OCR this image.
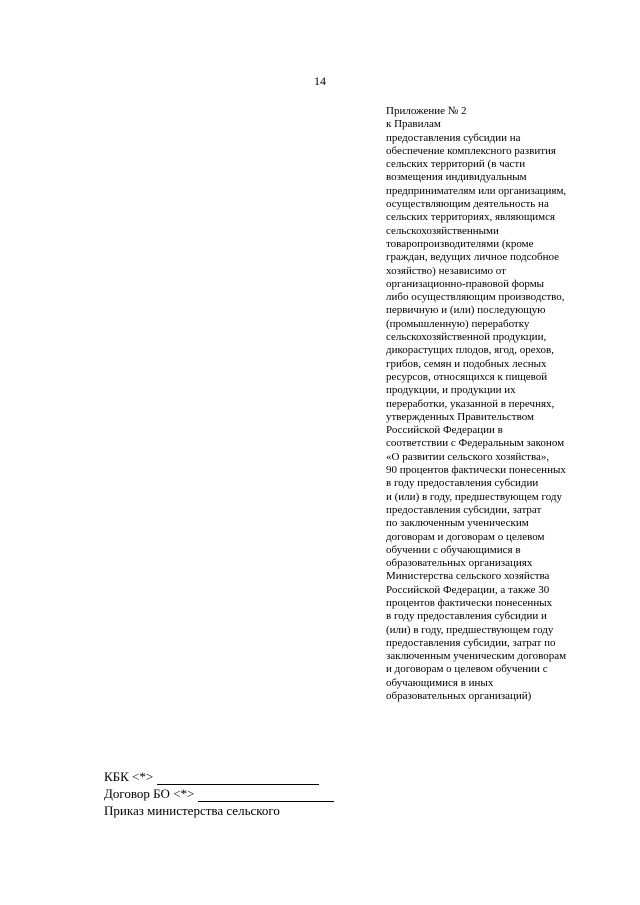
14
Приложение № 2
к Правилам
предоставления субсидии на
обеспечение комплексного развития
сельских территорий (в части
возмещения индивидуальным
предпринимателям или организациям,
осуществляющим деятельность на
сельских территориях, являющимся
сельскохозяйственными
товаропроизводителями (кроме
граждан, ведущих личное подсобное
хозяйство) независимо от
организационно-правовой формы
либо осуществляющим производство,
первичную и (или) последующую
(промышленную) переработку
сельскохозяйственной продукции,
дикорастущих плодов, ягод, орехов,
грибов, семян и подобных лесных
ресурсов, относящихся к пищевой
продукции, и продукции их
переработки, указанной в перечнях,
утвержденных Правительством
Российской Федерации в
соответствии с Федеральным законом
«О развитии сельского хозяйства»,
90 процентов фактически понесенных
в году предоставления субсидии
и (или) в году, предшествующем году
предоставления субсидии, затрат
по заключенным ученическим
договорам и договорам о целевом
обучении с обучающимися в
образовательных организациях
Министерства сельского хозяйства
Российской Федерации, а также 30
процентов фактически понесенных
в году предоставления субсидии и
(или) в году, предшествующем году
предоставления субсидии, затрат по
заключенным ученическим договорам
и договорам о целевом обучении с
обучающимися в иных
образовательных организаций)
КБК <*>
Договор БО <*>
Приказ министерства сельского
